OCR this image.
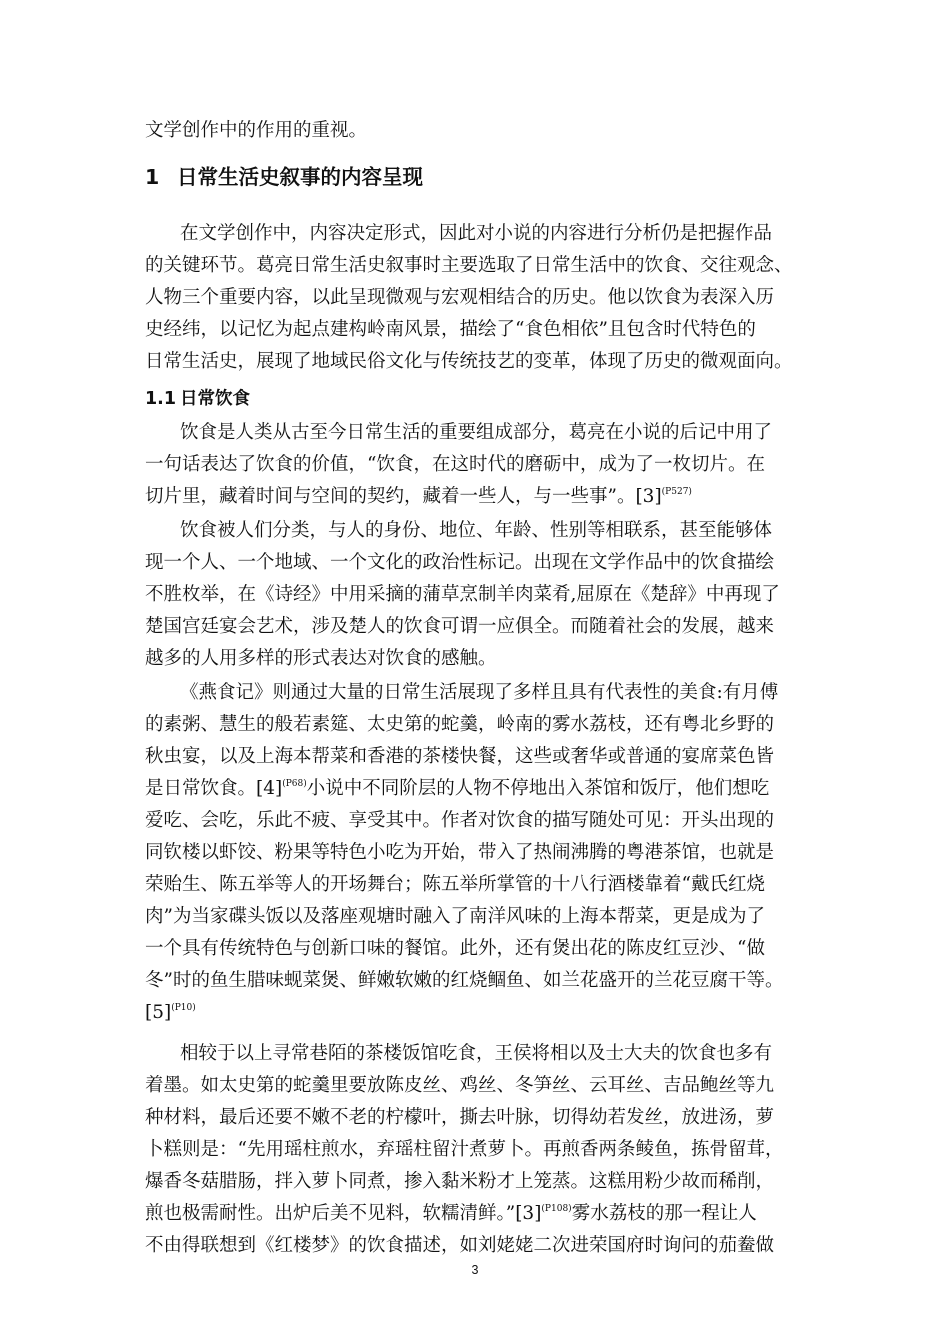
文学创作中的作用的重视。
1 日常生活史叙事的内容呈现
在文学创作中，内容决定形式，因此对小说的内容进行分析仍是把握作品
的关键环节。葛亮日常生活史叙事时主要选取了日常生活中的饮食、交往观念、
人物三个重要内容，以此呈现微观与宏观相结合的历史。他以饮食为表深入历
史经纬，以记忆为起点建构岭南风景，描绘了“食色相依”且包含时代特色的
日常生活史，展现了地域民俗文化与传统技艺的变革，体现了历史的微观面向。
1.1 日常饮食
饮食是人类从古至今日常生活的重要组成部分，葛亮在小说的后记中用了
一句话表达了饮食的价值，“饮食，在这时代的磨砺中，成为了一枚切片。在
切片里，藏着时间与空间的契约，藏着一些人，与一些事”。$[3]^{(P527)}$
饮食被人们分类，与人的身份、地位、年龄、性别等相联系，甚至能够体
现一个人、一个地域、一个文化的政治性标记。出现在文学作品中的饮食描绘
不胜枚举，在《诗经》中用采摘的蒲草烹制羊肉菜肴,屈原在《楚辞》中再现了
楚国宫廷宴会艺术，涉及楚人的饮食可谓一应俱全。而随着社会的发展，越来
越多的人用多样的形式表达对饮食的感触。
《燕食记》则通过大量的日常生活展现了多样且具有代表性的美食:有月傅
的素粥、慧生的般若素筵、太史第的蛇羹，岭南的雾水荔枝，还有粤北乡野的
秋虫宴，以及上海本帮菜和香港的茶楼快餐，这些或奢华或普通的宴席菜色皆
是日常饮食。$[4]^{(P68)}$小说中不同阶层的人物不停地出入茶馆和饭厅，他们想吃
爱吃、会吃，乐此不疲、享受其中。作者对饮食的描写随处可见：开头出现的
同钦楼以虾饺、粉果等特色小吃为开始，带入了热闹沸腾的粤港茶馆，也就是
荣贻生、陈五举等人的开场舞台；陈五举所掌管的十八行酒楼靠着“戴氏红烧
肉”为当家碟头饭以及落座观塘时融入了南洋风味的上海本帮菜，更是成为了
一个具有传统特色与创新口味的餐馆。此外，还有煲出花的陈皮红豆沙、“做
冬”时的鱼生腊味蚬菜煲、鲜嫩软嫩的红烧鲴鱼、如兰花盛开的兰花豆腐干等。
$[5]^{(P10)}$
相较于以上寻常巷陌的茶楼饭馆吃食，王侯将相以及士大夫的饮食也多有
着墨。如太史第的蛇羹里要放陈皮丝、鸡丝、冬笋丝、云耳丝、吉品鲍丝等九
种材料，最后还要不嫩不老的柠檬叶，撕去叶脉，切得幼若发丝，放进汤，萝
卜糕则是：“先用瑶柱煎水，弃瑶柱留汁煮萝卜。再煎香两条鲮鱼，拣骨留茸，
爆香冬菇腊肠，拌入萝卜同煮，掺入黏米粉才上笼蒸。这糕用粉少故而稀削，
煎也极需耐性。出炉后美不见料，软糯清鲜。$”[3]^{(P108)}$雾水荔枝的那一程让人
不由得联想到《红楼梦》的饮食描述，如刘姥姥二次进荣国府时询问的茄鲞做
3
